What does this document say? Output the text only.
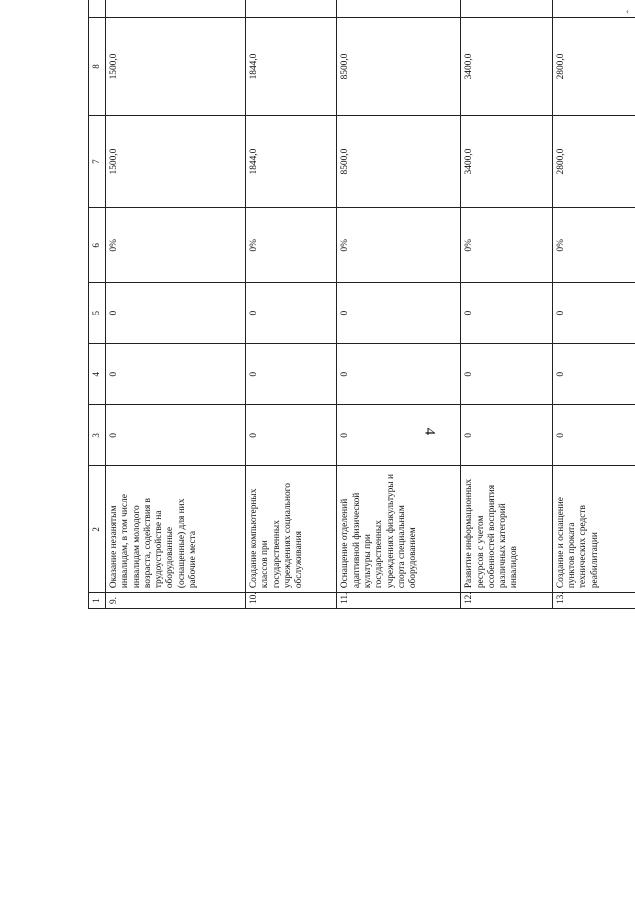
‹
4
1	2	3	4	5	6	7	8		
9.	Оказание незанятым инвалидам, в том числе инвалидам молодого возраста, содействия в трудоустройстве на оборудованные (оснащенные) для них рабочие места	0	0	0	0%	1500,0	1500,0		
10.	Создание компьютерных классов при государственных учреждениях социального обслуживания	0	0	0	0%	1844,0	1844,0		
11.	Оснащение отделений адаптивной физической культуры при государственных учреждениях физкультуры и спорта специальным оборудованием	0	0	0	0%	8500,0	8500,0		
12.	Развитие информационных ресурсов с учетом особенностей восприятия различных категорий инвалидов	0	0	0	0%	3400,0	3400,0		
13.	Создание и оснащение пунктов проката технических средств реабилитации	0	0	0	0%	2800,0	2800,0		
